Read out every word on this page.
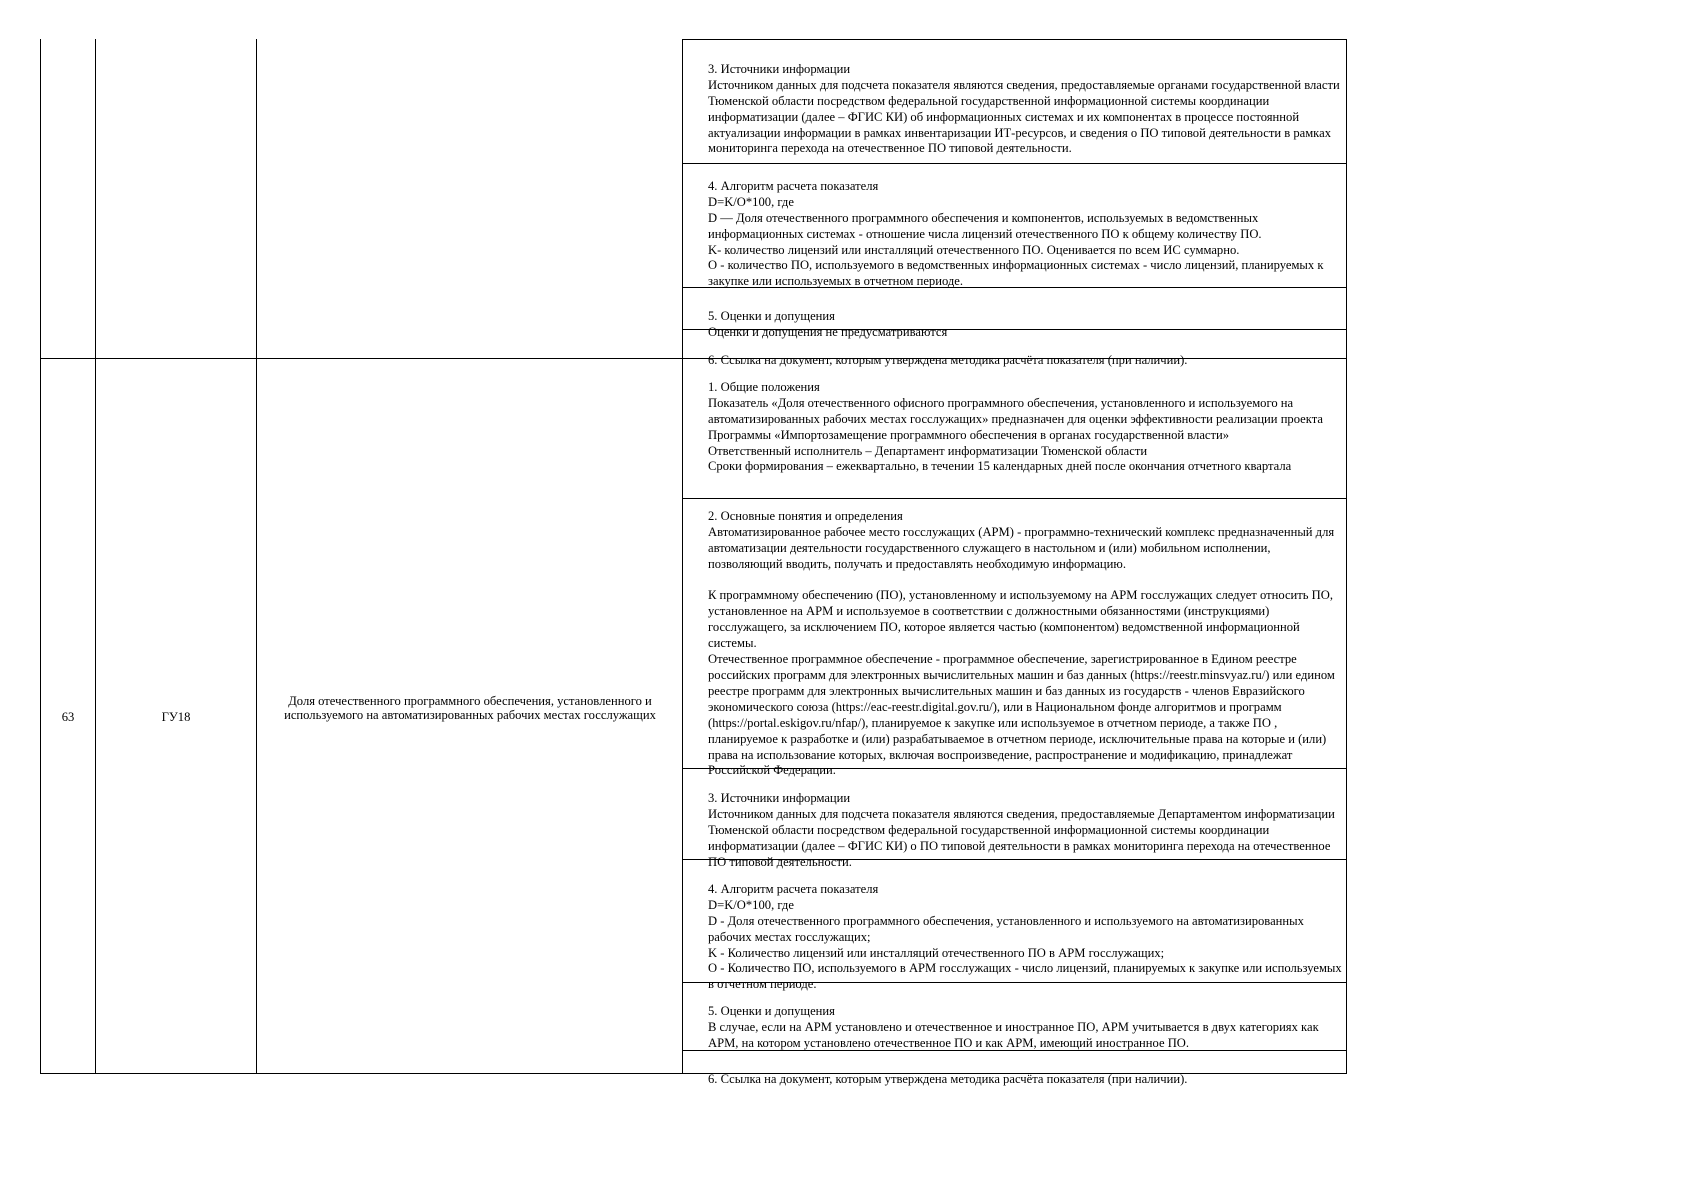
3. Источники информации
Источником данных для подсчета показателя являются сведения, предоставляемые органами государственной власти Тюменской области посредством федеральной государственной информационной системы координации информатизации (далее – ФГИС КИ) об информационных системах и их компонентах в процессе постоянной актуализации информации в рамках инвентаризации ИТ-ресурсов, и сведения о ПО типовой деятельности в рамках мониторинга перехода на отечественное ПО типовой деятельности.

4. Алгоритм расчета показателя
D=K/O*100, где
D — Доля отечественного программного обеспечения и компонентов, используемых в ведомственных информационных системах - отношение числа лицензий отечественного ПО к общему количеству ПО.
K- количество лицензий или инсталляций отечественного ПО. Оценивается по всем ИС суммарно.
O - количество ПО, используемого в ведомственных информационных системах - число лицензий, планируемых к закупке или используемых в отчетном периоде.

5. Оценки и допущения
Оценки и допущения не предусматриваются

6. Ссылка на документ, которым утверждена методика расчёта показателя (при наличии).

63	ГУ18
Доля отечественного программного обеспечения, установленного и используемого на автоматизированных рабочих местах госслужащих

1. Общие положения
Показатель «Доля отечественного офисного программного обеспечения, установленного и используемого на автоматизированных рабочих местах госслужащих» предназначен для оценки эффективности реализации проекта Программы «Импортозамещение программного обеспечения в органах государственной власти»
Ответственный исполнитель – Департамент информатизации Тюменской области
Сроки формирования – ежеквартально, в течении 15 календарных дней после окончания отчетного квартала

2. Основные понятия и определения
Автоматизированное рабочее место госслужащих (АРМ) - программно-технический комплекс предназначенный для автоматизации деятельности государственного служащего в настольном и (или) мобильном исполнении, позволяющий вводить, получать и предоставлять необходимую информацию.

К программному обеспечению (ПО), установленному и используемому на АРМ госслужащих следует относить ПО, установленное на АРМ и используемое в соответствии с должностными обязанностями (инструкциями) госслужащего, за исключением ПО, которое является частью (компонентом) ведомственной информационной системы.
Отечественное программное обеспечение - программное обеспечение, зарегистрированное в Едином реестре российских программ для электронных вычислительных машин и баз данных (https://reestr.minsvyaz.ru/) или едином реестре программ для электронных вычислительных машин и баз данных из государств - членов Евразийского экономического союза (https://eac-reestr.digital.gov.ru/), или в Национальном фонде алгоритмов и программ (https://portal.eskigov.ru/nfap/), планируемое к закупке или используемое в отчетном периоде, а также ПО , планируемое к разработке и (или) разрабатываемое в отчетном периоде, исключительные права на которые и (или) права на использование которых, включая воспроизведение, распространение и модификацию, принадлежат Российской Федерации.

3. Источники информации
Источником данных для подсчета показателя являются сведения, предоставляемые Департаментом информатизации Тюменской области посредством федеральной государственной информационной системы координации информатизации (далее – ФГИС КИ) о ПО типовой деятельности в рамках мониторинга перехода на отечественное ПО типовой деятельности.

4. Алгоритм расчета показателя
D=K/O*100, где
D - Доля отечественного программного обеспечения, установленного и используемого на автоматизированных рабочих местах госслужащих;
K - Количество лицензий или инсталляций отечественного ПО в АРМ госслужащих;
O - Количество ПО, используемого в АРМ госслужащих - число лицензий, планируемых к закупке или используемых в отчетном периоде.

5. Оценки и допущения
В случае, если на АРМ установлено и отечественное и иностранное ПО, АРМ учитывается в двух категориях как АРМ, на котором установлено отечественное ПО и как АРМ, имеющий иностранное ПО.

6. Ссылка на документ, которым утверждена методика расчёта показателя (при наличии).
